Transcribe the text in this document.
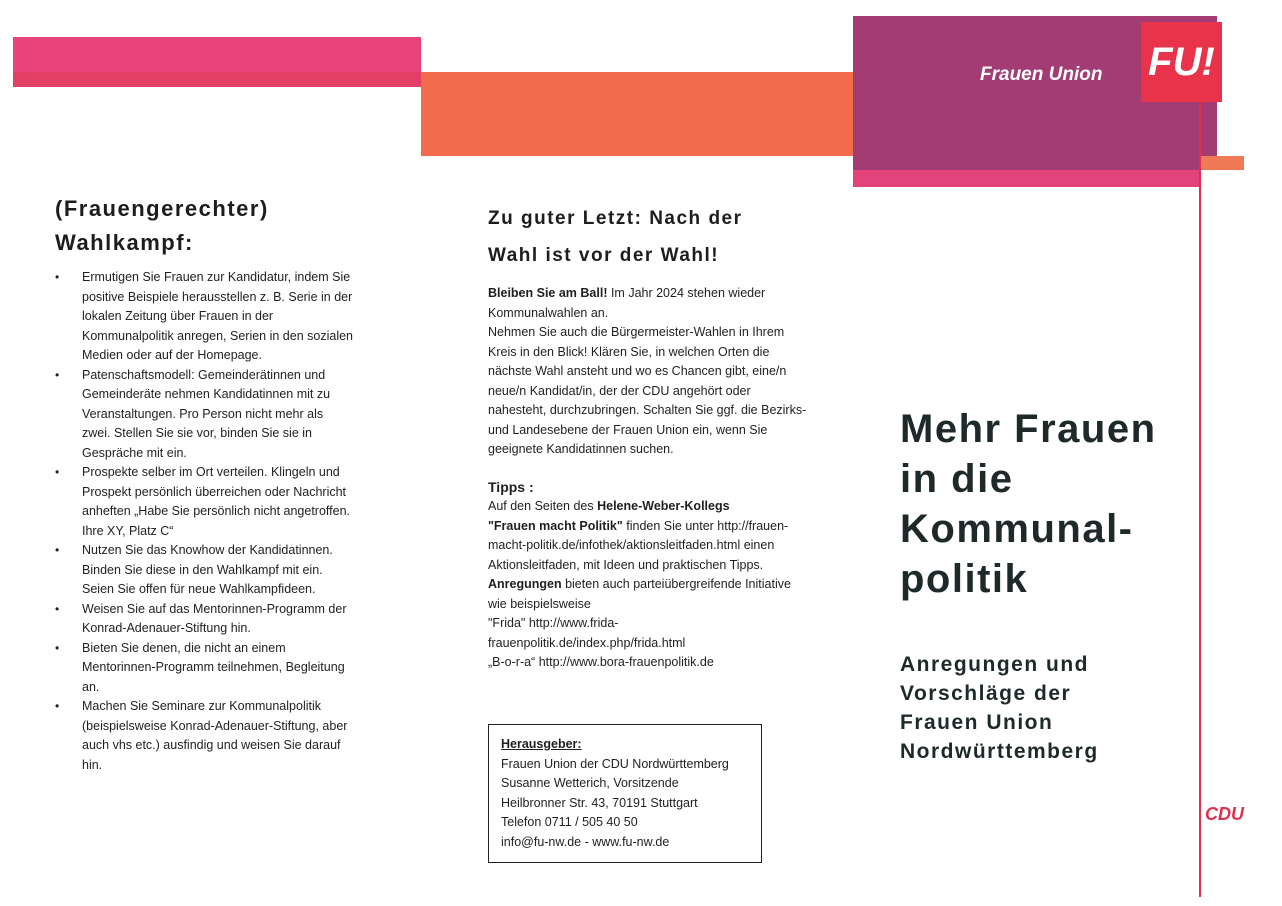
Frauen Union FU!
(Frauengerechter)
Wahlkampf:
• Ermutigen Sie Frauen zur Kandidatur, indem Sie positive Beispiele herausstellen z. B. Serie in der lokalen Zeitung über Frauen in der Kommunalpolitik anregen, Serien in den sozialen Medien oder auf der Homepage.
• Patenschaftsmodell: Gemeinderätinnen und Gemeinderäte nehmen Kandidatinnen mit zu Veranstaltungen. Pro Person nicht mehr als zwei. Stellen Sie sie vor, binden Sie sie in Gespräche mit ein.
• Prospekte selber im Ort verteilen. Klingeln und Prospekt persönlich überreichen oder Nachricht anheften „Habe Sie persönlich nicht angetroffen. Ihre XY, Platz C“
• Nutzen Sie das Knowhow der Kandidatinnen. Binden Sie diese in den Wahlkampf mit ein. Seien Sie offen für neue Wahlkampfideen.
• Weisen Sie auf das Mentorinnen-Programm der Konrad-Adenauer-Stiftung hin.
• Bieten Sie denen, die nicht an einem Mentorinnen-Programm teilnehmen, Begleitung an.
• Machen Sie Seminare zur Kommunalpolitik (beispielsweise Konrad-Adenauer-Stiftung, aber auch vhs etc.) ausfindig und weisen Sie darauf hin.
Zu guter Letzt: Nach der
Wahl ist vor der Wahl!
Bleiben Sie am Ball! Im Jahr 2024 stehen wieder Kommunalwahlen an.
Nehmen Sie auch die Bürgermeister-Wahlen in Ihrem Kreis in den Blick! Klären Sie, in welchen Orten die nächste Wahl ansteht und wo es Chancen gibt, eine/n neue/n Kandidat/in, der der CDU angehört oder nahesteht, durchzubringen. Schalten Sie ggf. die Bezirks- und Landesebene der Frauen Union ein, wenn Sie geeignete Kandidatinnen suchen.
Tipps :
Auf den Seiten des Helene-Weber-Kollegs
"Frauen macht Politik" finden Sie unter http://frauen-macht-politik.de/infothek/aktionsleitfaden.html einen Aktionsleitfaden, mit Ideen und praktischen Tipps.
Anregungen bieten auch parteiübergreifende Initiative wie beispielsweise
"Frida" http://www.frida-frauenpolitik.de/index.php/frida.html
„B-o-r-a“ http://www.bora-frauenpolitik.de
Herausgeber:
Frauen Union der CDU Nordwürttemberg
Susanne Wetterich, Vorsitzende
Heilbronner Str. 43, 70191 Stuttgart
Telefon 0711 / 505 40 50
info@fu-nw.de - www.fu-nw.de
Mehr Frauen
in die
Kommunal-
politik
Anregungen und
Vorschläge der
Frauen Union
Nordwürttemberg
CDU
